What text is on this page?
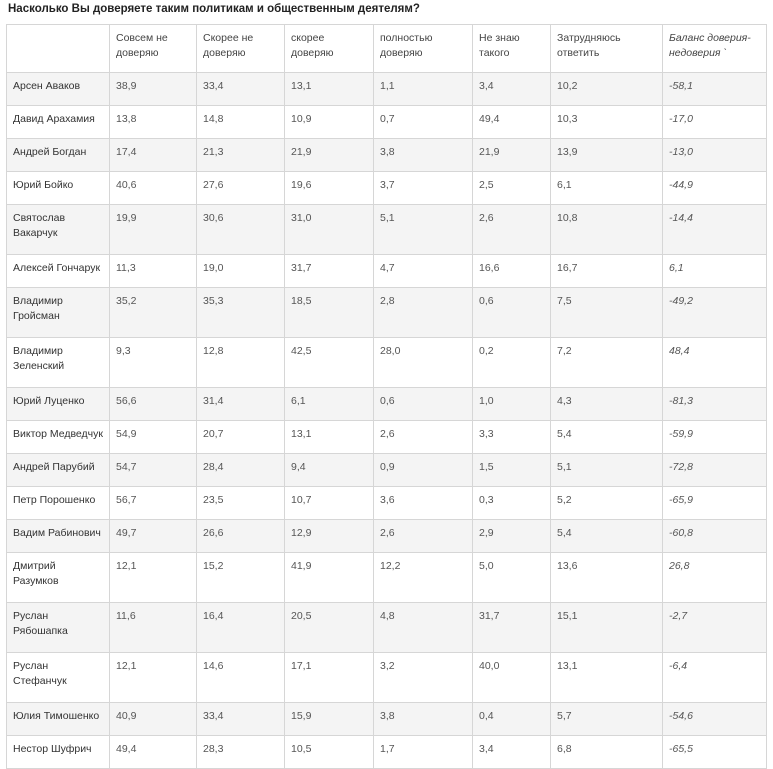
Насколько Вы доверяете таким политикам и общественным деятелям?
	Совсем не доверяю	Скорее не доверяю	скорее доверяю	полностью доверяю	Не знаю такого	Затрудняюсь ответить	Баланс доверия-недоверия `
Арсен Аваков	38,9	33,4	13,1	1,1	3,4	10,2	-58,1
Давид Арахамия	13,8	14,8	10,9	0,7	49,4	10,3	-17,0
Андрей Богдан	17,4	21,3	21,9	3,8	21,9	13,9	-13,0
Юрий Бойко	40,6	27,6	19,6	3,7	2,5	6,1	-44,9
Святослав Вакарчук	19,9	30,6	31,0	5,1	2,6	10,8	-14,4
Алексей Гончарук	11,3	19,0	31,7	4,7	16,6	16,7	6,1
Владимир Гройсман	35,2	35,3	18,5	2,8	0,6	7,5	-49,2
Владимир Зеленский	9,3	12,8	42,5	28,0	0,2	7,2	48,4
Юрий Луценко	56,6	31,4	6,1	0,6	1,0	4,3	-81,3
Виктор Медведчук	54,9	20,7	13,1	2,6	3,3	5,4	-59,9
Андрей Парубий	54,7	28,4	9,4	0,9	1,5	5,1	-72,8
Петр Порошенко	56,7	23,5	10,7	3,6	0,3	5,2	-65,9
Вадим Рабинович	49,7	26,6	12,9	2,6	2,9	5,4	-60,8
Дмитрий Разумков	12,1	15,2	41,9	12,2	5,0	13,6	26,8
Руслан Рябошапка	11,6	16,4	20,5	4,8	31,7	15,1	-2,7
Руслан Стефанчук	12,1	14,6	17,1	3,2	40,0	13,1	-6,4
Юлия Тимошенко	40,9	33,4	15,9	3,8	0,4	5,7	-54,6
Нестор Шуфрич	49,4	28,3	10,5	1,7	3,4	6,8	-65,5
